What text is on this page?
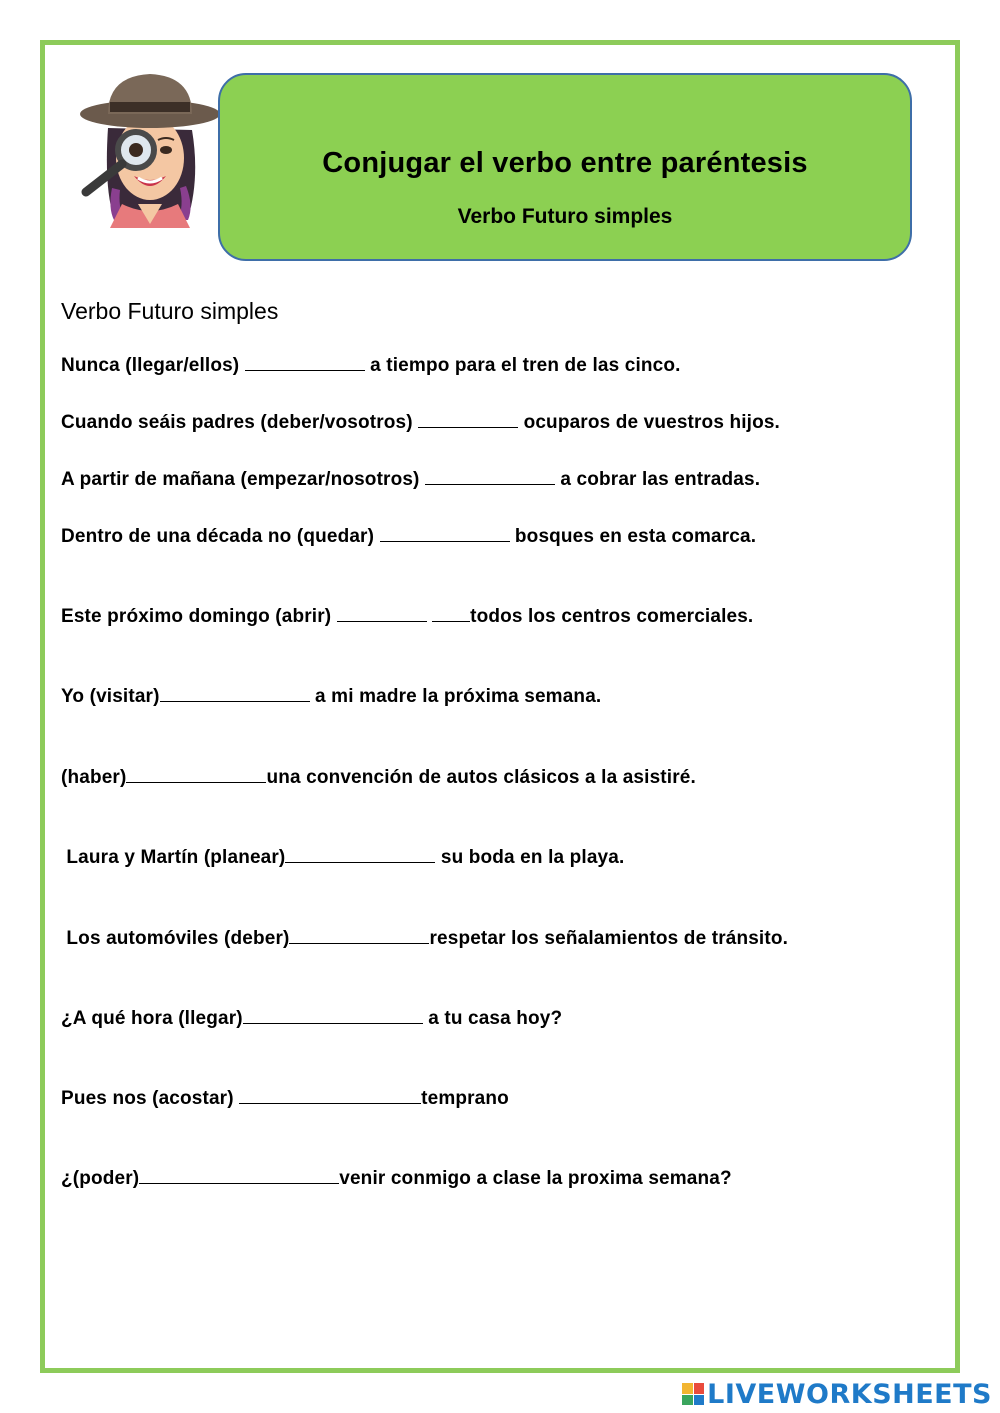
Conjugar el verbo entre paréntesis
Verbo Futuro simples
Verbo Futuro simples
Nunca (llegar/ellos)	a tiempo para el tren de las cinco.
Cuando seáis padres (deber/vosotros)	ocuparos de vuestros hijos.
A partir de mañana (empezar/nosotros)	a cobrar las entradas.
Dentro de una década no (quedar)	bosques en esta comarca.
Este próximo domingo (abrir)	todos los centros comerciales.
Yo (visitar)	a mi madre la próxima semana.
(haber)	una convención de autos clásicos a la asistiré.
Laura y Martín (planear)	su boda en la playa.
Los automóviles (deber)	respetar los señalamientos de tránsito.
¿A qué hora (llegar)	a tu casa hoy?
Pues nos (acostar)	temprano
¿(poder)	venir conmigo a clase la proxima semana?
LIVEWORKSHEETS
